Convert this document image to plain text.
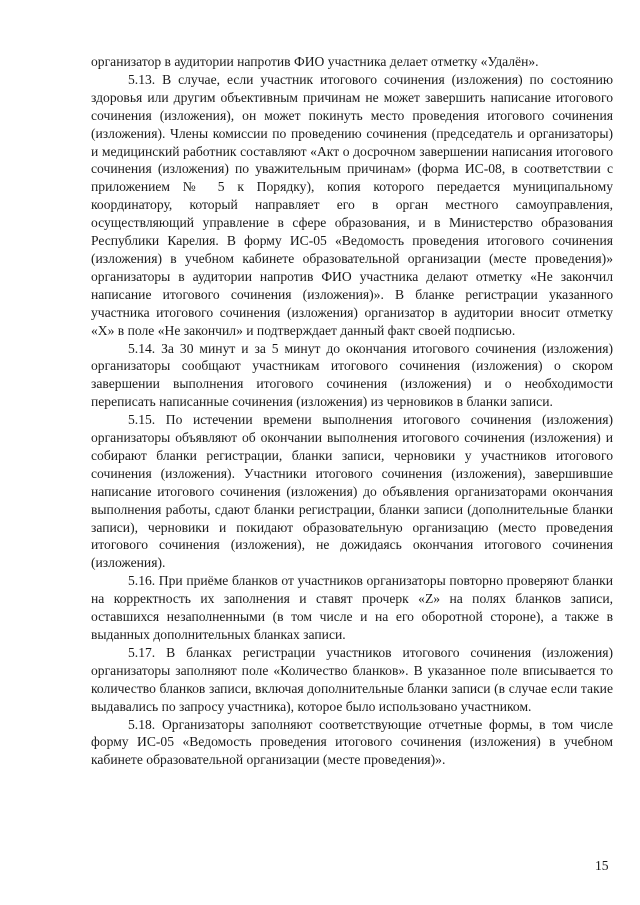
организатор в аудитории напротив ФИО участника делает отметку «Удалён».

5.13. В случае, если участник итогового сочинения (изложения) по состоянию здоровья или другим объективным причинам не может завершить написание итогового сочинения (изложения), он может покинуть место проведения итогового сочинения (изложения). Члены комиссии по проведению сочинения (председатель и организаторы) и медицинский работник составляют «Акт о досрочном завершении написания итогового сочинения (изложения) по уважительным причинам» (форма ИС-08, в соответствии с приложением № 5 к Порядку), копия которого передается муниципальному координатору, который направляет его в орган местного самоуправления, осуществляющий управление в сфере образования, и в Министерство образования Республики Карелия. В форму ИС-05 «Ведомость проведения итогового сочинения (изложения) в учебном кабинете образовательной организации (месте проведения)» организаторы в аудитории напротив ФИО участника делают отметку «Не закончил написание итогового сочинения (изложения)». В бланке регистрации указанного участника итогового сочинения (изложения) организатор в аудитории вносит отметку «Х» в поле «Не закончил» и подтверждает данный факт своей подписью.

5.14. За 30 минут и за 5 минут до окончания итогового сочинения (изложения) организаторы сообщают участникам итогового сочинения (изложения) о скором завершении выполнения итогового сочинения (изложения) и о необходимости переписать написанные сочинения (изложения) из черновиков в бланки записи.

5.15. По истечении времени выполнения итогового сочинения (изложения) организаторы объявляют об окончании выполнения итогового сочинения (изложения) и собирают бланки регистрации, бланки записи, черновики у участников итогового сочинения (изложения). Участники итогового сочинения (изложения), завершившие написание итогового сочинения (изложения) до объявления организаторами окончания выполнения работы, сдают бланки регистрации, бланки записи (дополнительные бланки записи), черновики и покидают образовательную организацию (место проведения итогового сочинения (изложения), не дожидаясь окончания итогового сочинения (изложения).

5.16. При приёме бланков от участников организаторы повторно проверяют бланки на корректность их заполнения и ставят прочерк «Z» на полях бланков записи, оставшихся незаполненными (в том числе и на его оборотной стороне), а также в выданных дополнительных бланках записи.

5.17. В бланках регистрации участников итогового сочинения (изложения) организаторы заполняют поле «Количество бланков». В указанное поле вписывается то количество бланков записи, включая дополнительные бланки записи (в случае если такие выдавались по запросу участника), которое было использовано участником.

5.18. Организаторы заполняют соответствующие отчетные формы, в том числе форму ИС-05 «Ведомость проведения итогового сочинения (изложения) в учебном кабинете образовательной организации (месте проведения)».

15
